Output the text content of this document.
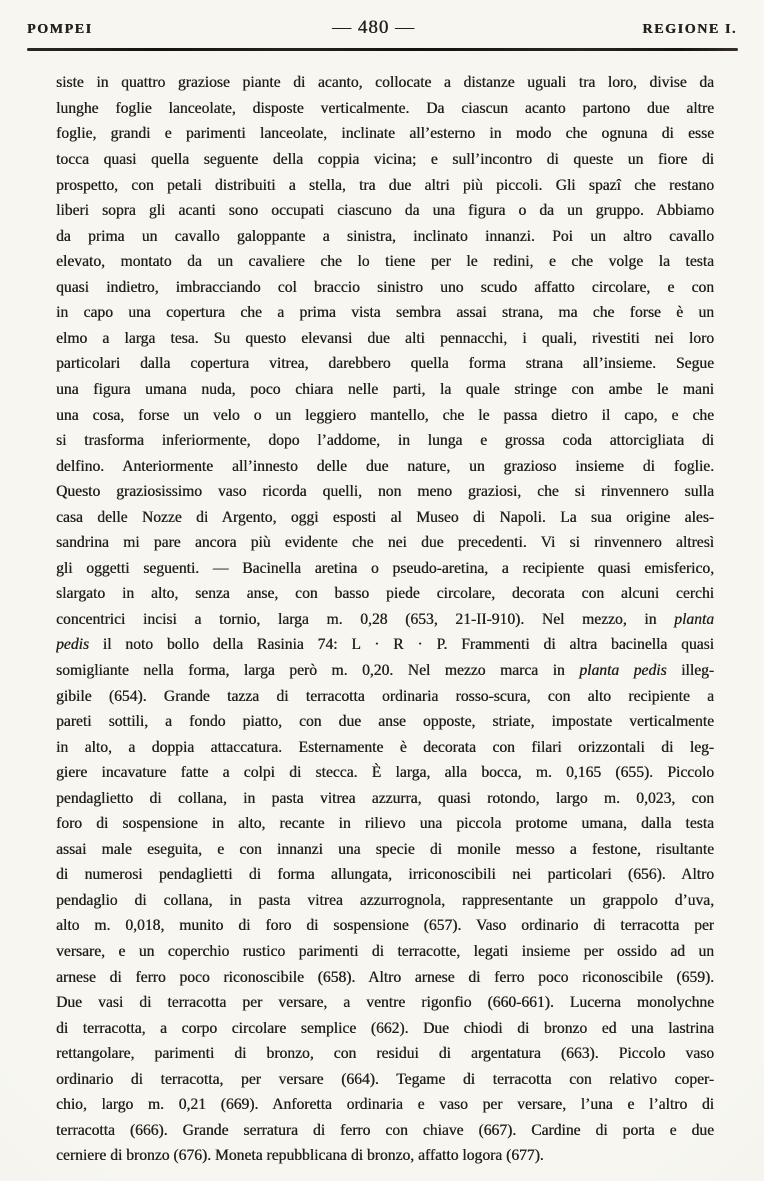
POMPEI	— 480 —	REGIONE I.
siste in quattro graziose piante di acanto, collocate a distanze uguali tra loro, divise da
lunghe foglie lanceolate, disposte verticalmente. Da ciascun acanto partono due altre
foglie, grandi e parimenti lanceolate, inclinate all’esterno in modo che ognuna di esse
tocca quasi quella seguente della coppia vicina; e sull’incontro di queste un fiore di
prospetto, con petali distribuiti a stella, tra due altri più piccoli. Gli spazî che restano
liberi sopra gli acanti sono occupati ciascuno da una figura o da un gruppo. Abbiamo
da prima un cavallo galoppante a sinistra, inclinato innanzi. Poi un altro cavallo
elevato, montato da un cavaliere che lo tiene per le redini, e che volge la testa
quasi indietro, imbracciando col braccio sinistro uno scudo affatto circolare, e con
in capo una copertura che a prima vista sembra assai strana, ma che forse è un
elmo a larga tesa. Su questo elevansi due alti pennacchi, i quali, rivestiti nei loro
particolari dalla copertura vitrea, darebbero quella forma strana all’insieme. Segue
una figura umana nuda, poco chiara nelle parti, la quale stringe con ambe le mani
una cosa, forse un velo o un leggiero mantello, che le passa dietro il capo, e che
si trasforma inferiormente, dopo l’addome, in lunga e grossa coda attorcigliata di
delfino. Anteriormente all’innesto delle due nature, un grazioso insieme di foglie.
Questo graziosissimo vaso ricorda quelli, non meno graziosi, che si rinvennero sulla
casa delle Nozze di Argento, oggi esposti al Museo di Napoli. La sua origine ales-
sandrina mi pare ancora più evidente che nei due precedenti. Vi si rinvennero altresì
gli oggetti seguenti. — Bacinella aretina o pseudo-aretina, a recipiente quasi emisferico,
slargato in alto, senza anse, con basso piede circolare, decorata con alcuni cerchi
concentrici incisi a tornio, larga m. 0,28 (653, 21-II-910). Nel mezzo, in planta
pedis il noto bollo della Rasinia 74: L · R · P. Frammenti di altra bacinella quasi
somigliante nella forma, larga però m. 0,20. Nel mezzo marca in planta pedis illeg-
gibile (654). Grande tazza di terracotta ordinaria rosso-scura, con alto recipiente a
pareti sottili, a fondo piatto, con due anse opposte, striate, impostate verticalmente
in alto, a doppia attaccatura. Esternamente è decorata con filari orizzontali di leg-
giere incavature fatte a colpi di stecca. È larga, alla bocca, m. 0,165 (655). Piccolo
pendaglietto di collana, in pasta vitrea azzurra, quasi rotondo, largo m. 0,023, con
foro di sospensione in alto, recante in rilievo una piccola protome umana, dalla testa
assai male eseguita, e con innanzi una specie di monile messo a festone, risultante
di numerosi pendaglietti di forma allungata, irriconoscibili nei particolari (656). Altro
pendaglio di collana, in pasta vitrea azzurrognola, rappresentante un grappolo d’uva,
alto m. 0,018, munito di foro di sospensione (657). Vaso ordinario di terracotta per
versare, e un coperchio rustico parimenti di terracotte, legati insieme per ossido ad un
arnese di ferro poco riconoscibile (658). Altro arnese di ferro poco riconoscibile (659).
Due vasi di terracotta per versare, a ventre rigonfio (660-661). Lucerna monolychne
di terracotta, a corpo circolare semplice (662). Due chiodi di bronzo ed una lastrina
rettangolare, parimenti di bronzo, con residui di argentatura (663). Piccolo vaso
ordinario di terracotta, per versare (664). Tegame di terracotta con relativo coper-
chio, largo m. 0,21 (669). Anforetta ordinaria e vaso per versare, l’una e l’altro di
terracotta (666). Grande serratura di ferro con chiave (667). Cardine di porta e due
cerniere di bronzo (676). Moneta repubblicana di bronzo, affatto logora (677).
